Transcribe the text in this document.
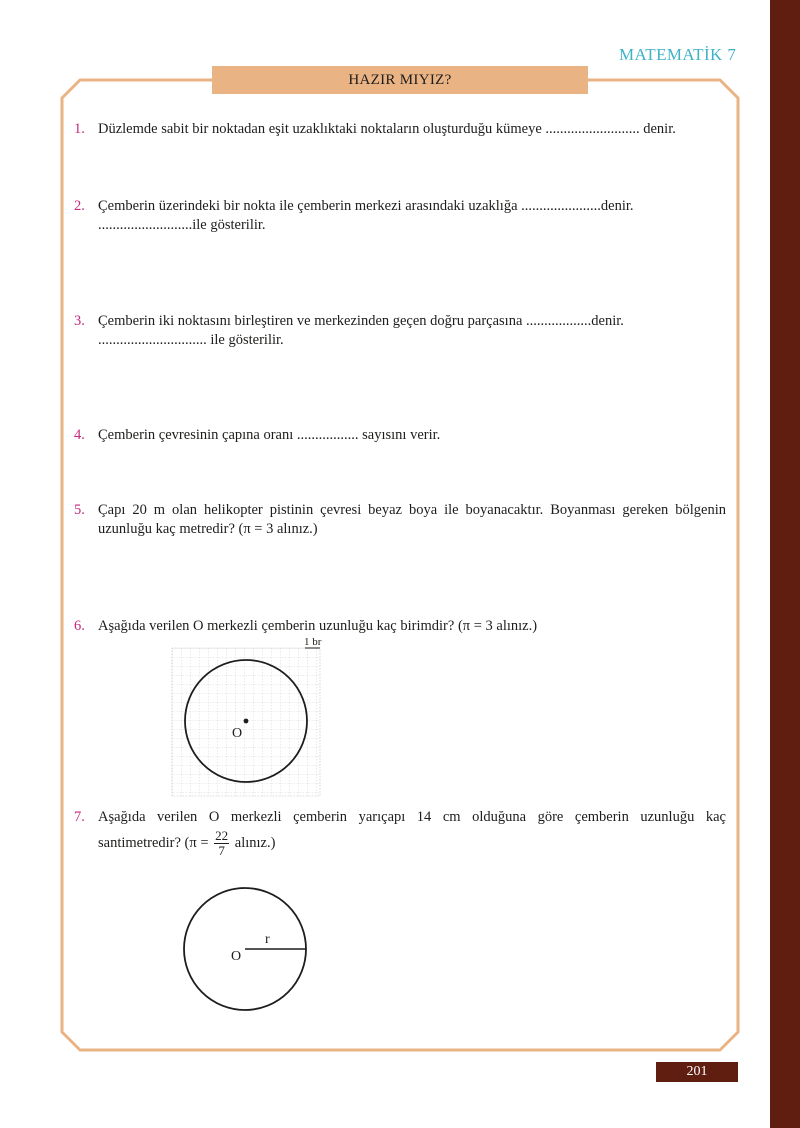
MATEMATİK 7
HAZIR MIYIZ?
1. Düzlemde sabit bir noktadan eşit uzaklıktaki noktaların oluşturduğu kümeye .......................... denir.
2. Çemberin üzerindeki bir nokta ile çemberin merkezi arasındaki uzaklığa ......................denir.
..........................ile gösterilir.
3. Çemberin iki noktasını birleştiren ve merkezinden geçen doğru parçasına ..................denir.
.............................. ile gösterilir.
4. Çemberin çevresinin çapına oranı ................. sayısını verir.
5. Çapı 20 m olan helikopter pistinin çevresi beyaz boya ile boyanacaktır. Boyanması gereken bölgenin uzunluğu kaç metredir? (π = 3 alınız.)
6. Aşağıda verilen O merkezli çemberin uzunluğu kaç birimdir? (π = 3 alınız.)
1 br
O
7. Aşağıda verilen O merkezli çemberin yarıçapı 14 cm olduğuna göre çemberin uzunluğu kaç
santimetredir? ($\pi = \frac{22}{7}$ alınız.)
r
O
201
